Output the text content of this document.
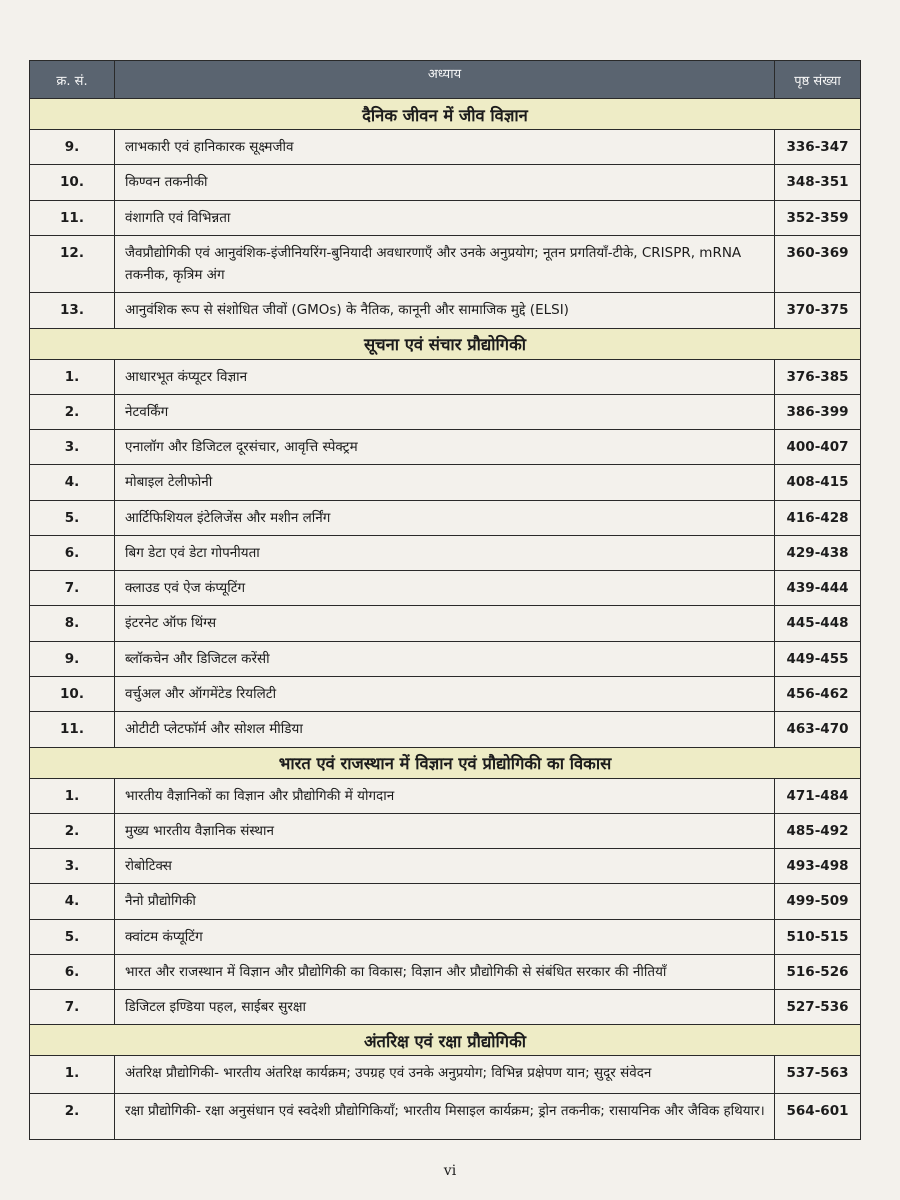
क्र. सं.	अध्याय	पृष्ठ संख्या
दैनिक जीवन में जीव विज्ञान		
9.	लाभकारी एवं हानिकारक सूक्ष्मजीव	336-347
10.	किण्वन तकनीकी	348-351
11.	वंशागति एवं विभिन्नता	352-359
12.	जैवप्रौद्योगिकी एवं आनुवंशिक-इंजीनियरिंग-बुनियादी अवधारणाएँ और उनके अनुप्रयोग; नूतन प्रगतियाँ-टीके, CRISPR, mRNA तकनीक, कृत्रिम अंग	360-369
13.	आनुवंशिक रूप से संशोधित जीवों (GMOs) के नैतिक, कानूनी और सामाजिक मुद्दे (ELSI)	370-375
सूचना एवं संचार प्रौद्योगिकी		
1.	आधारभूत कंप्यूटर विज्ञान	376-385
2.	नेटवर्किंग	386-399
3.	एनालॉग और डिजिटल दूरसंचार, आवृत्ति स्पेक्ट्रम	400-407
4.	मोबाइल टेलीफोनी	408-415
5.	आर्टिफिशियल इंटेलिजेंस और मशीन लर्निंग	416-428
6.	बिग डेटा एवं डेटा गोपनीयता	429-438
7.	क्लाउड एवं ऐज कंप्यूटिंग	439-444
8.	इंटरनेट ऑफ थिंग्स	445-448
9.	ब्लॉकचेन और डिजिटल करेंसी	449-455
10.	वर्चुअल और ऑगमेंटेड रियलिटी	456-462
11.	ओटीटी प्लेटफॉर्म और सोशल मीडिया	463-470
भारत एवं राजस्थान में विज्ञान एवं प्रौद्योगिकी का विकास		
1.	भारतीय वैज्ञानिकों का विज्ञान और प्रौद्योगिकी में योगदान	471-484
2.	मुख्य भारतीय वैज्ञानिक संस्थान	485-492
3.	रोबोटिक्स	493-498
4.	नैनो प्रौद्योगिकी	499-509
5.	क्वांटम कंप्यूटिंग	510-515
6.	भारत और राजस्थान में विज्ञान और प्रौद्योगिकी का विकास; विज्ञान और प्रौद्योगिकी से संबंधित सरकार की नीतियाँ	516-526
7.	डिजिटल इण्डिया पहल, साईबर सुरक्षा	527-536
अंतरिक्ष एवं रक्षा प्रौद्योगिकी		
1.	अंतरिक्ष प्रौद्योगिकी- भारतीय अंतरिक्ष कार्यक्रम; उपग्रह एवं उनके अनुप्रयोग; विभिन्न प्रक्षेपण यान; सुदूर संवेदन	537-563
2.	रक्षा प्रौद्योगिकी- रक्षा अनुसंधान एवं स्वदेशी प्रौद्योगिकियाँ; भारतीय मिसाइल कार्यक्रम; ड्रोन तकनीक; रासायनिक और जैविक हथियार।	564-601
vi
